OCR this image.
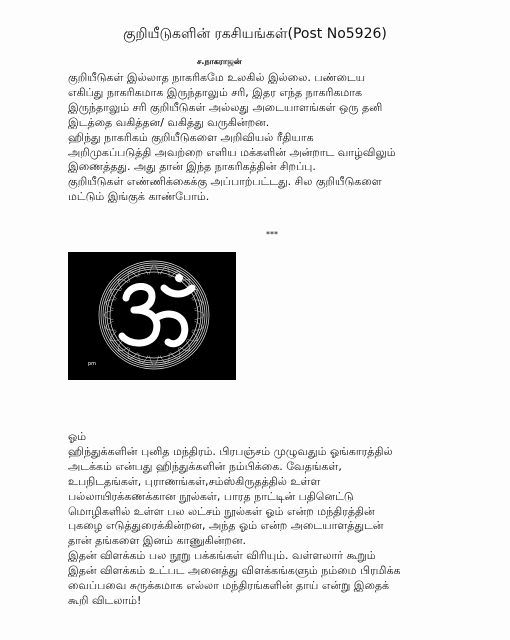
குறியீடுகளின் ரகசியங்கள்(Post No5926)
ச.நாகராஜன்
குறியீடுகள் இல்லாத நாகரிகமே உலகில் இல்லை. பண்டைய
எகிப்து நாகரிகமாக இருந்தாலும் சரி, இதர எந்த நாகரிகமாக
இருந்தாலும் சரி குறியீடுகள் அல்லது அடையாளங்கள் ஒரு தனி
இடத்தை வகித்தன/ வகித்து வருகின்றன.
ஹிந்து நாகரிகம் குறியீடுகளை அறிவியல் ரீதியாக
அறிமுகப்படுத்தி அவற்றை எளிய மக்களின் அன்றாட வாழ்விலும்
இணைத்தது. அது தான் இந்த நாகரிகத்தின் சிறப்பு.
குறியீடுகள் எண்ணிக்கைக்கு அப்பாற்பட்டது. சில குறியீடுகளை
மட்டும் இங்குக் காண்போம்.
***
pm
ஓம்
ஹிந்துக்களின் புனித மந்திரம். பிரபஞ்சம் முழுவதும் ஓங்காரத்தில்
அடக்கம் என்பது ஹிந்துக்களின் நம்பிக்கை. வேதங்கள்,
உபநிடதங்கள், புராணங்கள்,சம்ஸ்கிருதத்தில் உள்ள
பல்லாயிரக்கணக்கான நூல்கள், பாரத நாட்டின் பதினெட்டு
மொழிகளில் உள்ள பல லட்சம் நூல்கள் ஓம் என்ற மந்திரத்தின்
புகழை எடுத்துரைக்கின்றன, அந்த ஓம் என்ற அடையாளத்துடன்
தான் தங்களை இனம் காணுகின்றன.
இதன் விளக்கம் பல நூறு பக்கங்கள் விரியும். வள்ளலார் கூறும்
இதன் விளக்கம் உட்பட அனைத்து விளக்கங்களும் நம்மை பிரமிக்க
வைப்பவை சுருக்கமாக எல்லா மந்திரங்களின் தாய் என்று இதைக்
கூறி விடலாம்!
